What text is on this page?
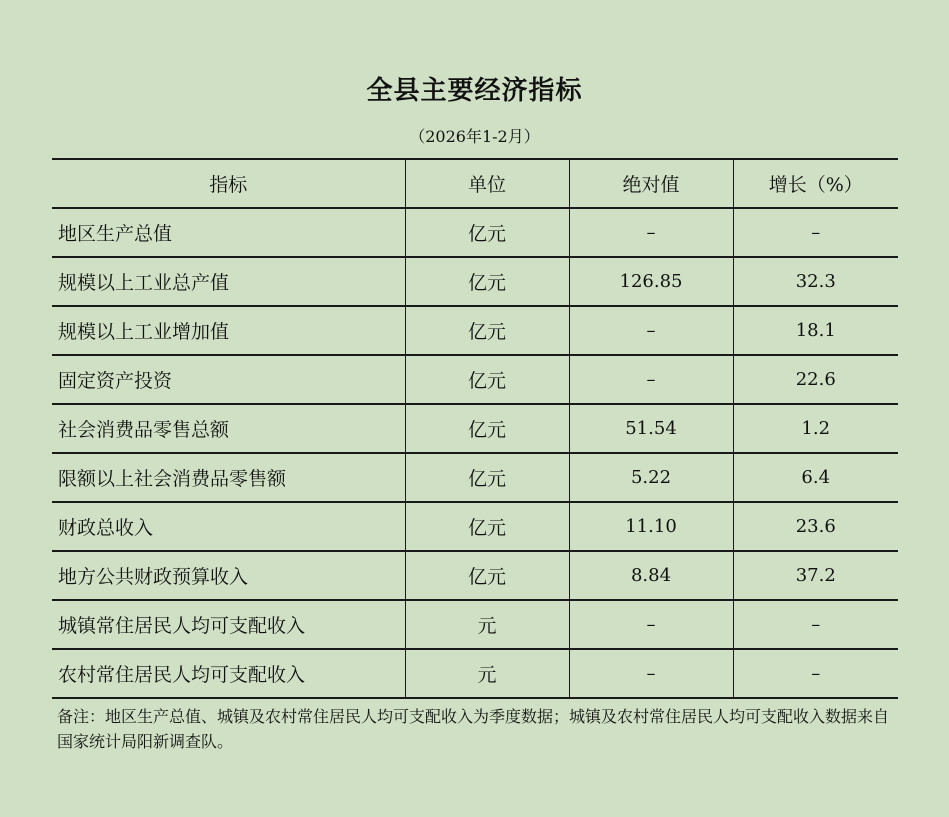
全县主要经济指标
（2026年1-2月）
指标	单位	绝对值	增长（%）
地区生产总值	亿元	–	–
规模以上工业总产值	亿元	126.85	32.3
规模以上工业增加值	亿元	–	18.1
固定资产投资	亿元	–	22.6
社会消费品零售总额	亿元	51.54	1.2
限额以上社会消费品零售额	亿元	5.22	6.4
财政总收入	亿元	11.10	23.6
地方公共财政预算收入	亿元	8.84	37.2
城镇常住居民人均可支配收入	元	–	–
农村常住居民人均可支配收入	元	–	–
备注：地区生产总值、城镇及农村常住居民人均可支配收入为季度数据；城镇及农村常住居民人均可支配收入数据来自国家统计局阳新调查队。
